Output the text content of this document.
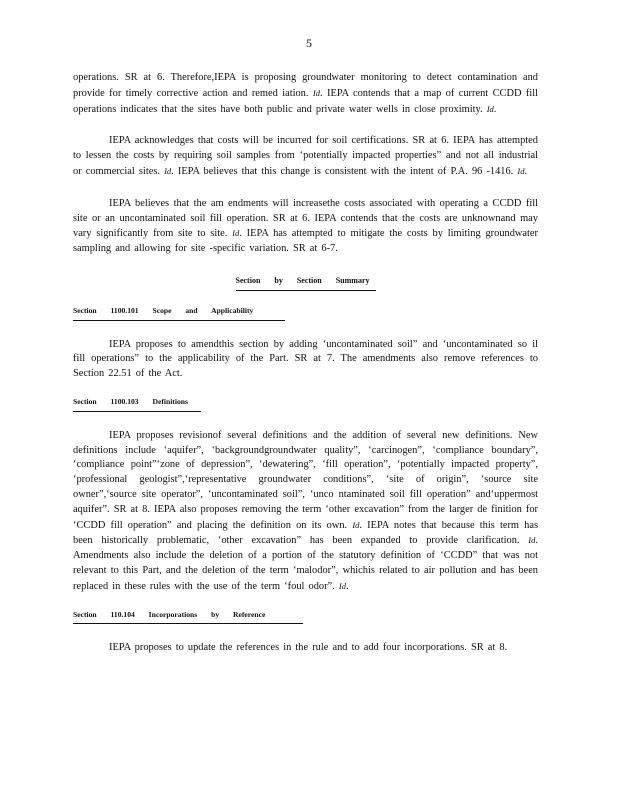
5

operations. SR at 6. Therefore,IEPA is proposing groundwater monitoring to detect contamination and provide for timely corrective action and remed iation. Id. IEPA contends that a map of current CCDD fill operations indicates that the sites have both public and private water wells in close proximity. Id.

IEPA acknowledges that costs will be incurred for soil certifications. SR at 6. IEPA has attempted to lessen the costs by requiring soil samples from ‘potentially impacted properties” and not all industrial or commercial sites. Id. IEPA believes that this change is consistent with the intent of P.A. 96 -1416. Id.

IEPA believes that the am endments will increasethe costs associated with operating a CCDD fill site or an uncontaminated soil fill operation. SR at 6. IEPA contends that the costs are unknownand may vary significantly from site to site. Id. IEPA has attempted to mitigate the costs by limiting groundwater sampling and allowing for site -specific variation. SR at 6-7.

Section by Section Summary

Section 1100.101 Scope and Applicability

IEPA proposes to amendthis section by adding ‘uncontaminated soil” and ‘uncontaminated so il fill operations” to the applicability of the Part. SR at 7. The amendments also remove references to Section 22.51 of the Act.

Section 1100.103 Definitions

IEPA proposes revisionof several definitions and the addition of several new definitions. New definitions include ‘aquifer”, ‘backgroundgroundwater quality”, ‘carcinogen”, ‘compliance boundary”, ‘compliance point”‘zone of depression”, ‘dewatering”, ‘fill operation”, ‘potentially impacted property”, ‘professional geologist”,‘representative groundwater conditions”, ‘site of origin”, ‘source site owner”,‘source site operator”, ‘uncontaminated soil”, ‘unco ntaminated soil fill operation” and‘uppermost aquifer”. SR at 8. IEPA also proposes removing the term ‘other excavation” from the larger de finition for ‘CCDD fill operation” and placing the definition on its own. Id. IEPA notes that because this term has been historically problematic, ‘other excavation” has been expanded to provide clarification. Id. Amendments also include the deletion of a portion of the statutory definition of ‘CCDD” that was not relevant to this Part, and the deletion of the term ‘malodor”, whichis related to air pollution and has been replaced in these rules with the use of the term ‘foul odor”. Id.

Section 110.104 Incorporations by Reference

IEPA proposes to update the references in the rule and to add four incorporations. SR at 8.
